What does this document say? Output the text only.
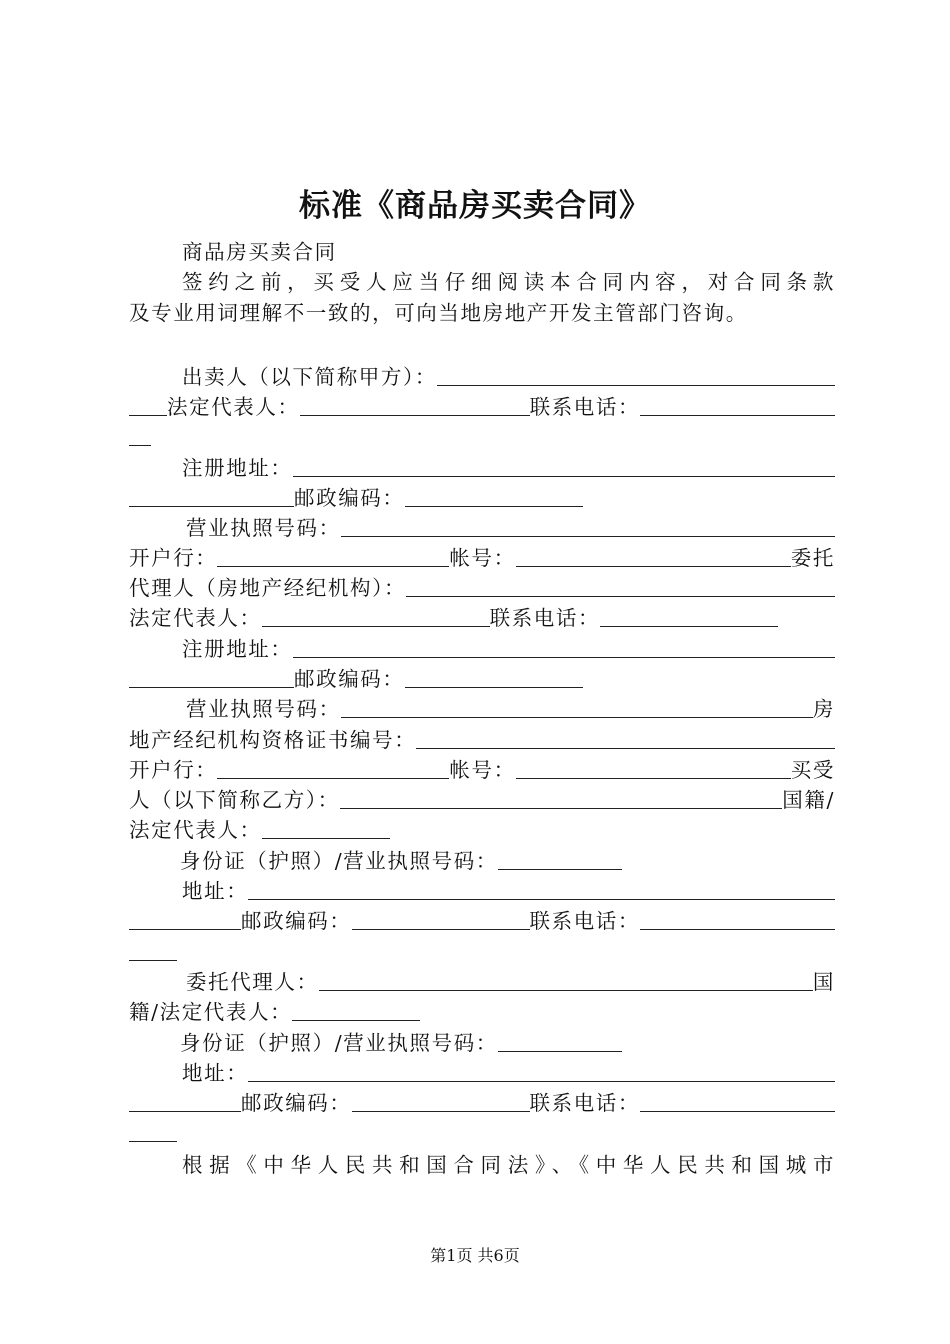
标准《商品房买卖合同》
商品房买卖合同
签约之前，买受人应当仔细阅读本合同内容，对合同条款
及专业用词理解不一致的，可向当地房地产开发主管部门咨询。
出卖人（以下简称甲方）：
法定代表人：	联系电话：
注册地址：
邮政编码：
营业执照号码：
开户行：	帐号：	委托
代理人（房地产经纪机构）：
法定代表人：	联系电话：
注册地址：
邮政编码：
营业执照号码：	房
地产经纪机构资格证书编号：
开户行：	帐号：	买受
人（以下简称乙方）：	国籍/
法定代表人：
身份证（护照）/营业执照号码：
地址：
邮政编码：	联系电话：
委托代理人：	国
籍/法定代表人：
身份证（护照）/营业执照号码：
地址：
邮政编码：	联系电话：
根据《中华人民共和国合同法》、《中华人民共和国城市
第1页 共6页
